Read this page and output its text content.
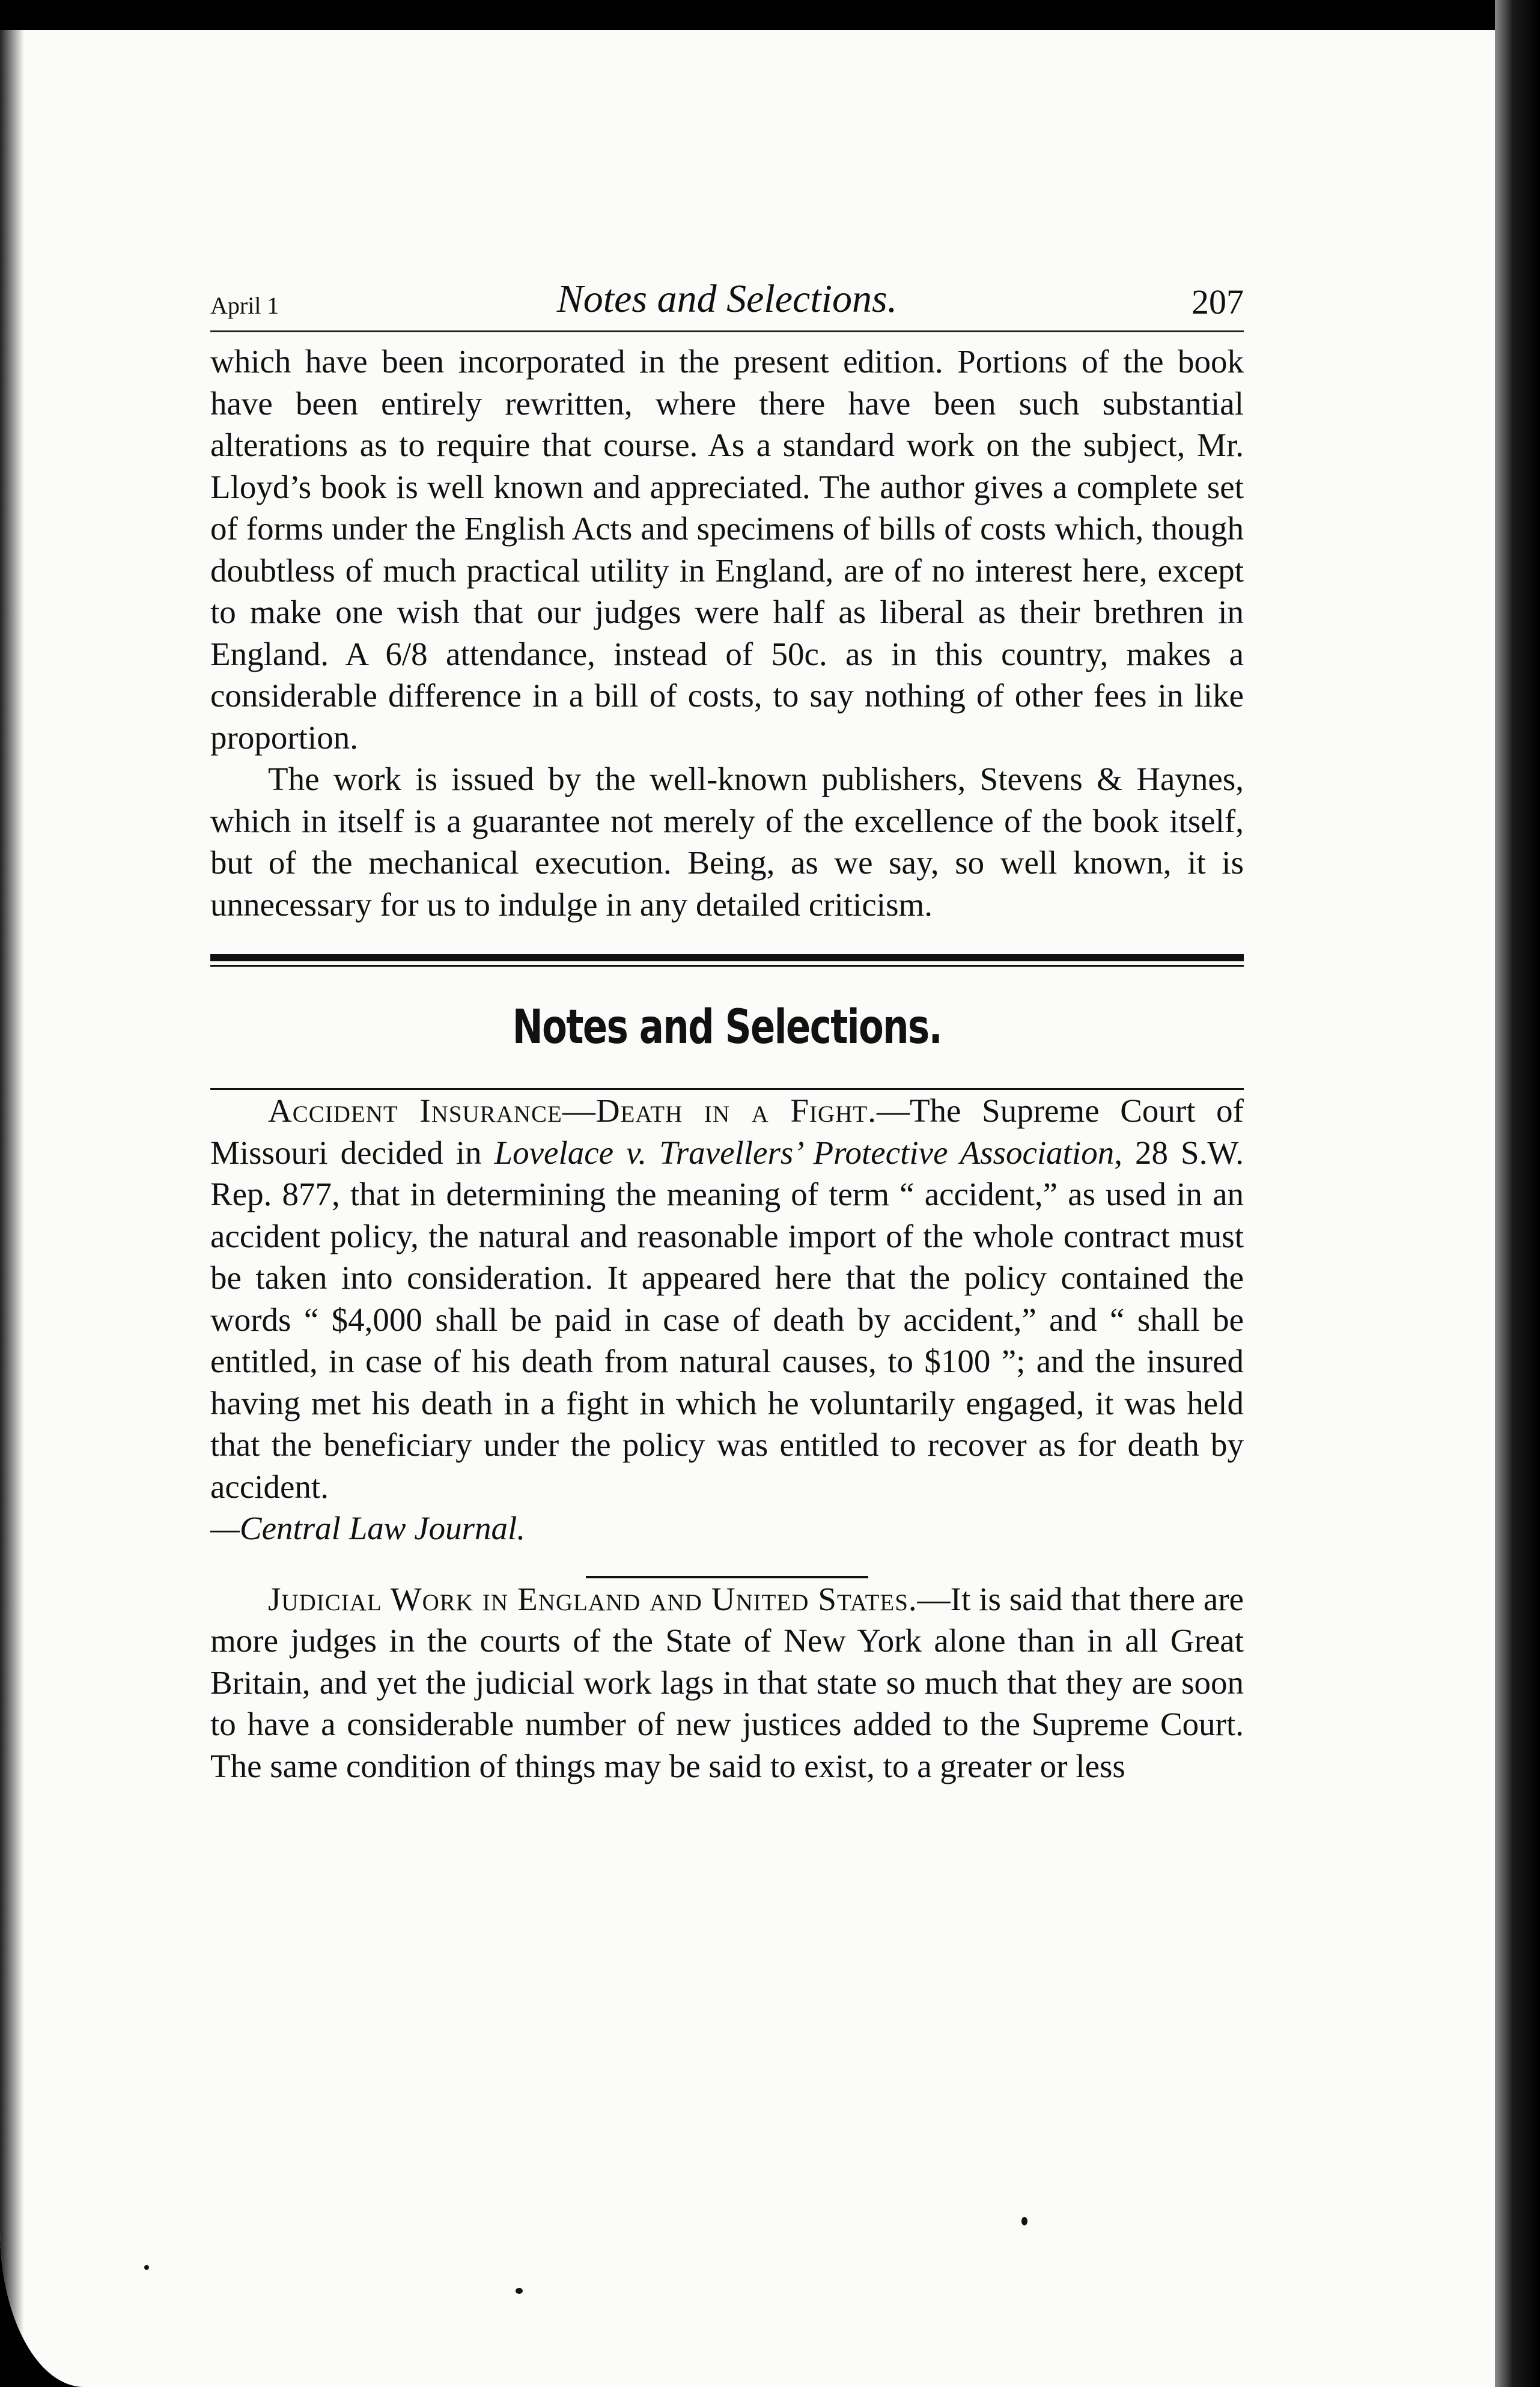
April 1	Notes and Selections.	207

which have been incorporated in the present edition. Portions of the book have been entirely rewritten, where there have been such substantial alterations as to require that course. As a standard work on the subject, Mr. Lloyd’s book is well known and appreciated. The author gives a complete set of forms under the English Acts and specimens of bills of costs which, though doubtless of much practical utility in England, are of no interest here, except to make one wish that our judges were half as liberal as their brethren in England. A 6/8 attendance, instead of 50c. as in this country, makes a considerable difference in a bill of costs, to say nothing of other fees in like proportion.

The work is issued by the well-known publishers, Stevens & Haynes, which in itself is a guarantee not merely of the excellence of the book itself, but of the mechanical execution. Being, as we say, so well known, it is unnecessary for us to indulge in any detailed criticism.

Notes and Selections.

Accident Insurance—Death in a Fight.—The Supreme Court of Missouri decided in Lovelace v. Travellers’ Protective Association, 28 S.W. Rep. 877, that in determining the meaning of term “ accident,” as used in an accident policy, the natural and reasonable import of the whole contract must be taken into consideration. It appeared here that the policy contained the words “ $4,000 shall be paid in case of death by accident,” and “ shall be entitled, in case of his death from natural causes, to $100 ”; and the insured having met his death in a fight in which he voluntarily engaged, it was held that the beneficiary under the policy was entitled to recover as for death by accident.
—Central Law Journal.

Judicial Work in England and United States.—It is said that there are more judges in the courts of the State of New York alone than in all Great Britain, and yet the judicial work lags in that state so much that they are soon to have a considerable number of new justices added to the Supreme Court. The same condition of things may be said to exist, to a greater or less
